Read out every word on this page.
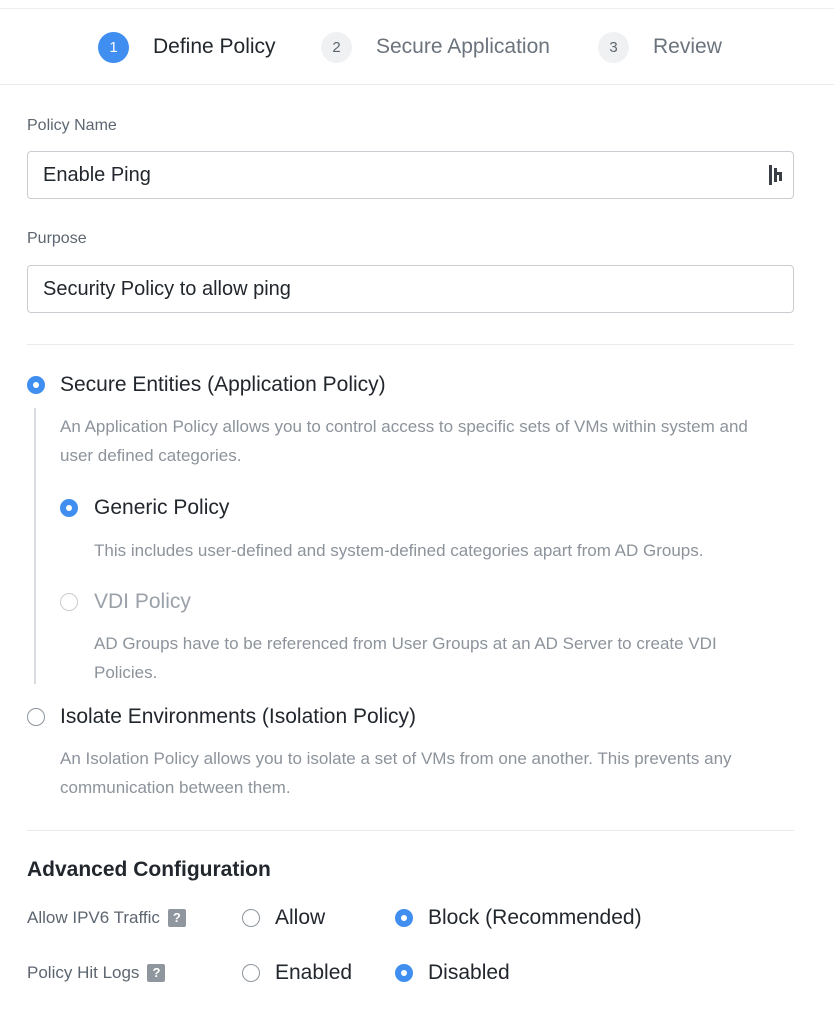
1	Define Policy	2	Secure Application	3	Review
Policy Name
Enable Ping
Purpose
Security Policy to allow ping
Secure Entities (Application Policy)
An Application Policy allows you to control access to specific sets of VMs within system and user defined categories.
Generic Policy
This includes user-defined and system-defined categories apart from AD Groups.
VDI Policy
AD Groups have to be referenced from User Groups at an AD Server to create VDI Policies.
Isolate Environments (Isolation Policy)
An Isolation Policy allows you to isolate a set of VMs from one another. This prevents any communication between them.
Advanced Configuration
Allow IPV6 Traffic	?	Allow	Block (Recommended)
Policy Hit Logs	?	Enabled	Disabled
